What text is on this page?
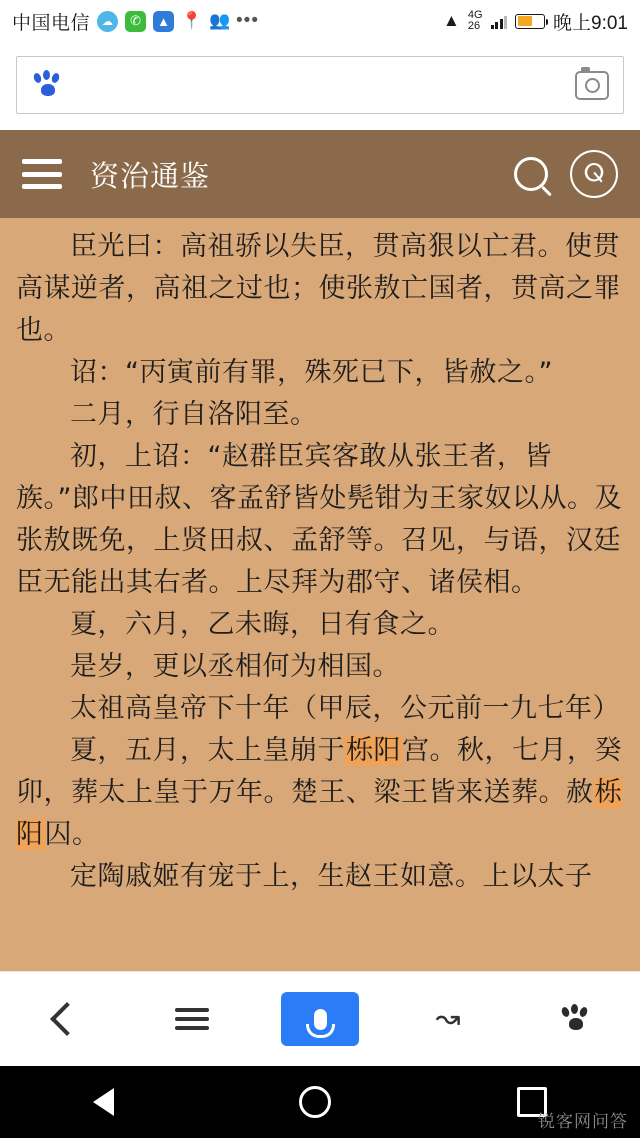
中国电信	☁	✆	▲ 📍 👥 •••	▲ 4G
26	晚上9:01
资治通鉴	ⵕ

臣光曰：高祖骄以失臣，贯高狠以亡君。使贯高谋逆者，高祖之过也；使张敖亡国者，贯高之罪也。

诏：“丙寅前有罪，殊死已下，皆赦之。”

二月，行自洛阳至。

初，上诏：“赵群臣宾客敢从张王者，皆族。”郎中田叔、客孟舒皆处髡钳为王家奴以从。及张敖既免，上贤田叔、孟舒等。召见，与语，汉廷臣无能出其右者。上尽拜为郡守、诸侯相。

夏，六月，乙未晦，日有食之。

是岁，更以丞相何为相国。

太祖高皇帝下十年（甲辰，公元前一九七年）

夏，五月，太上皇崩于栎阳宫。秋，七月，癸卯，葬太上皇于万年。楚王、梁王皆来送葬。赦栎阳囚。

定陶戚姬有宠于上，生赵王如意。上以太子

↝
锐客网问答
